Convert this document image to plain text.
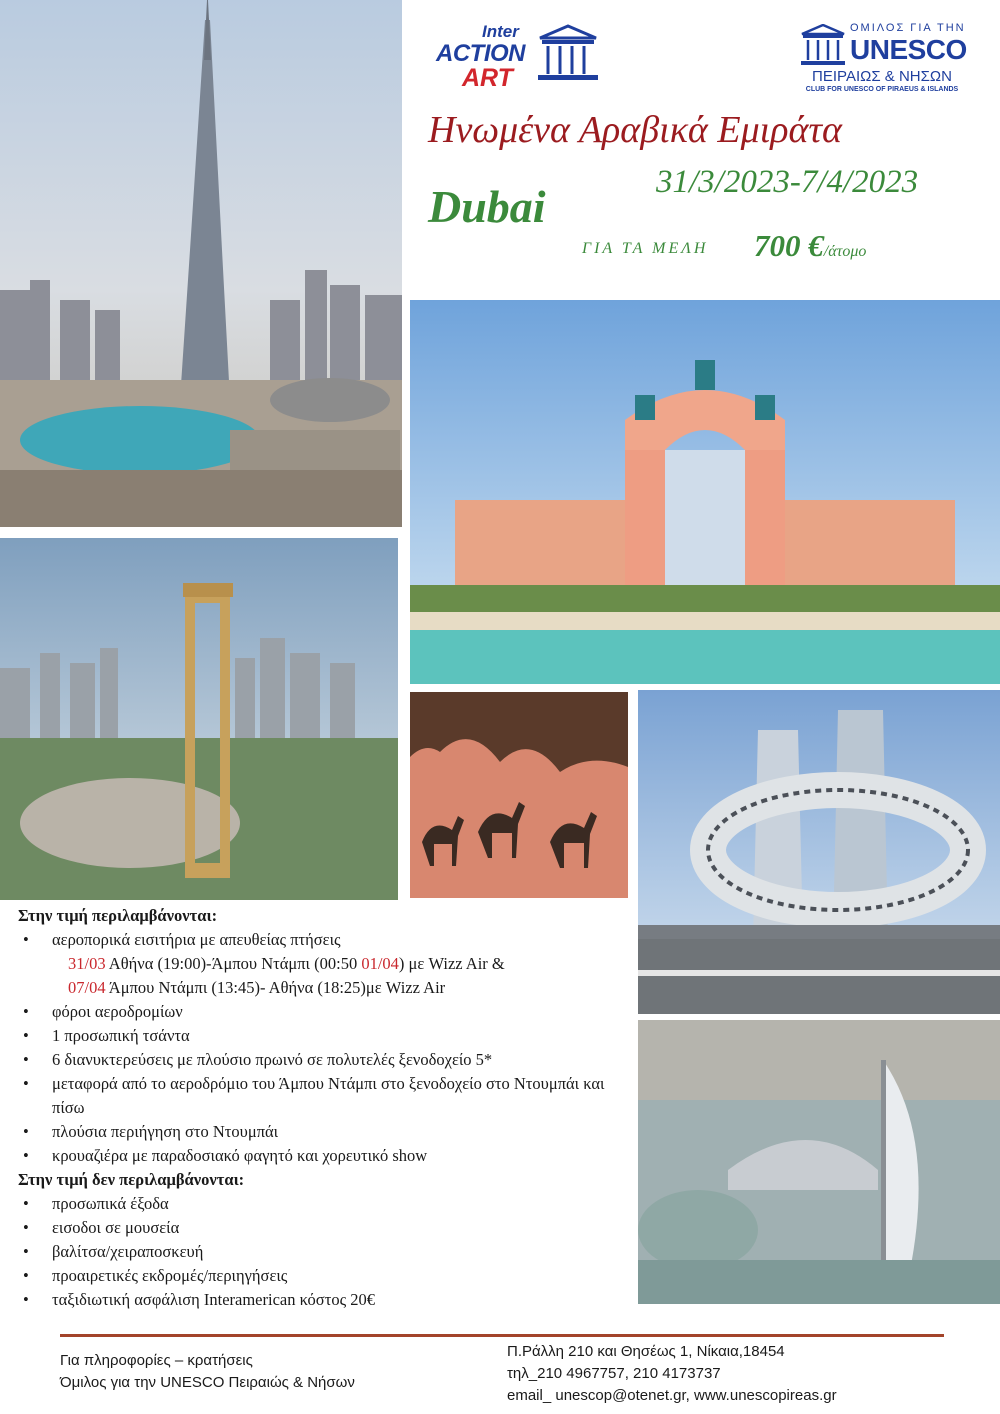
Inter
ACTION
ART
ΟΜΙΛΟΣ ΓΙΑ ΤΗΝ
UNESCO
ΠΕΙΡΑΙΩΣ & ΝΗΣΩΝ
CLUB FOR UNESCO OF PIRAEUS & ISLANDS
Ηνωμένα Αραβικά Εμιράτα
31/3/2023-7/4/2023
Dubai
ΓΙΑ ΤΑ ΜΕΛΗ 700 €/άτομο
Στην τιμή περιλαμβάνονται:
• αεροπορικά εισιτήρια με απευθείας πτήσεις
31/03 Αθήνα (19:00)-Άμπου Ντάμπι (00:50 01/04) με Wizz Air &
07/04 Άμπου Ντάμπι (13:45)- Αθήνα (18:25)με Wizz Air
• φόροι αεροδρομίων
• 1 προσωπική τσάντα
• 6 διανυκτερεύσεις με πλούσιο πρωινό σε πολυτελές ξενοδοχείο 5*
• μεταφορά από το αεροδρόμιο του Άμπου Ντάμπι στο ξενοδοχείο στο Ντουμπάι και πίσω
• πλούσια περιήγηση στο Ντουμπάι
• κρουαζιέρα με παραδοσιακό φαγητό και χορευτικό show
Στην τιμή δεν περιλαμβάνονται:
• προσωπικά έξοδα
• εισοδοι σε μουσεία
• βαλίτσα/χειραποσκευή
• προαιρετικές εκδρομές/περιηγήσεις
• ταξιδιωτική ασφάλιση Interamerican κόστος 20€
Για πληροφορίες – κρατήσεις
Όμιλος για την UNESCO Πειραιώς & Νήσων
Π.Ράλλη 210 και Θησέως 1, Νίκαια,18454
τηλ_210 4967757, 210 4173737
email_ unescop@otenet.gr, www.unescopireas.gr
